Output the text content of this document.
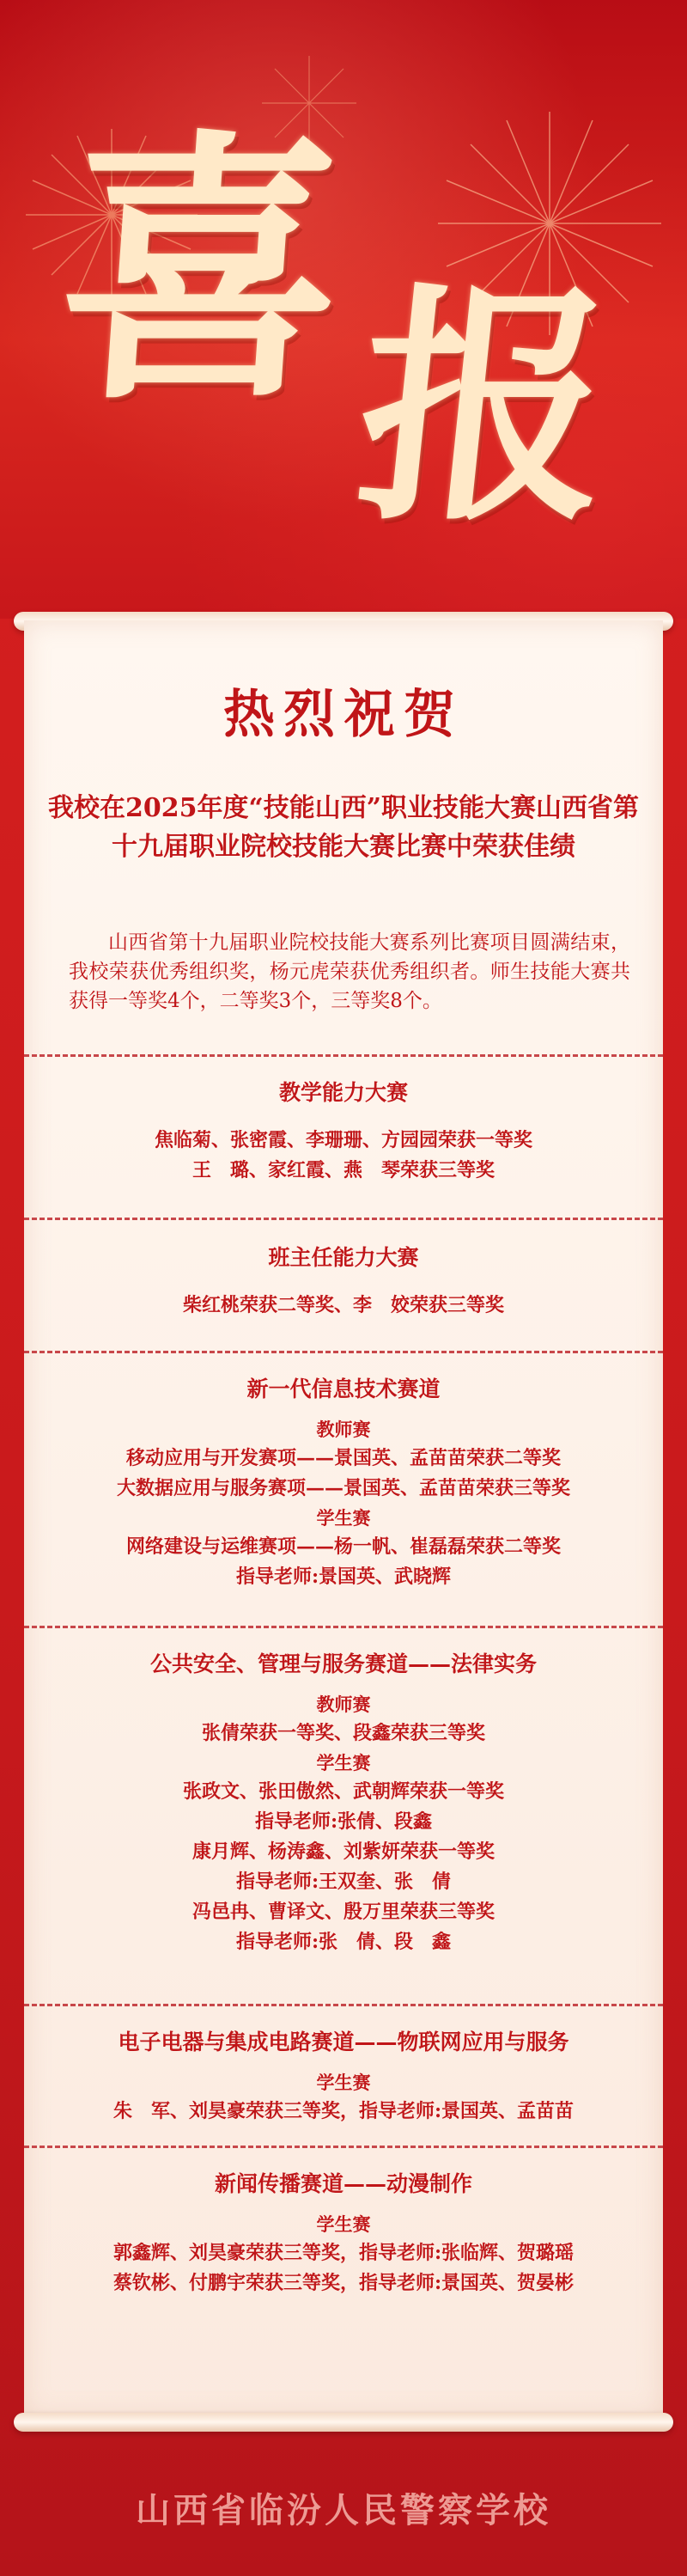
喜
报
热烈祝贺
我校在2025年度“技能山西”职业技能大赛山西省第十九届职业院校技能大赛比赛中荣获佳绩
山西省第十九届职业院校技能大赛系列比赛项目圆满结束，我校荣获优秀组织奖，杨元虎荣获优秀组织者。师生技能大赛共获得一等奖4个，二等奖3个，三等奖8个。
教学能力大赛
焦临菊、张密霞、李珊珊、方园园荣获一等奖
王　璐、家红霞、燕　琴荣获三等奖
班主任能力大赛
柴红桃荣获二等奖、李　姣荣获三等奖
新一代信息技术赛道
教师赛
移动应用与开发赛项——景国英、孟苗苗荣获二等奖
大数据应用与服务赛项——景国英、孟苗苗荣获三等奖
学生赛
网络建设与运维赛项——杨一帆、崔磊磊荣获二等奖
指导老师:景国英、武晓辉
公共安全、管理与服务赛道——法律实务
教师赛
张倩荣获一等奖、段鑫荣获三等奖
学生赛
张政文、张田傲然、武朝辉荣获一等奖
指导老师:张倩、段鑫
康月辉、杨涛鑫、刘紫妍荣获一等奖
指导老师:王双奎、张　倩
冯邑冉、曹译文、殷万里荣获三等奖
指导老师:张　倩、段　鑫
电子电器与集成电路赛道——物联网应用与服务
学生赛
朱　军、刘昊豪荣获三等奖，指导老师:景国英、孟苗苗
新闻传播赛道——动漫制作
学生赛
郭鑫辉、刘昊豪荣获三等奖，指导老师:张临辉、贺璐瑶
蔡钦彬、付鹏宇荣获三等奖，指导老师:景国英、贺晏彬
山西省临汾人民警察学校
